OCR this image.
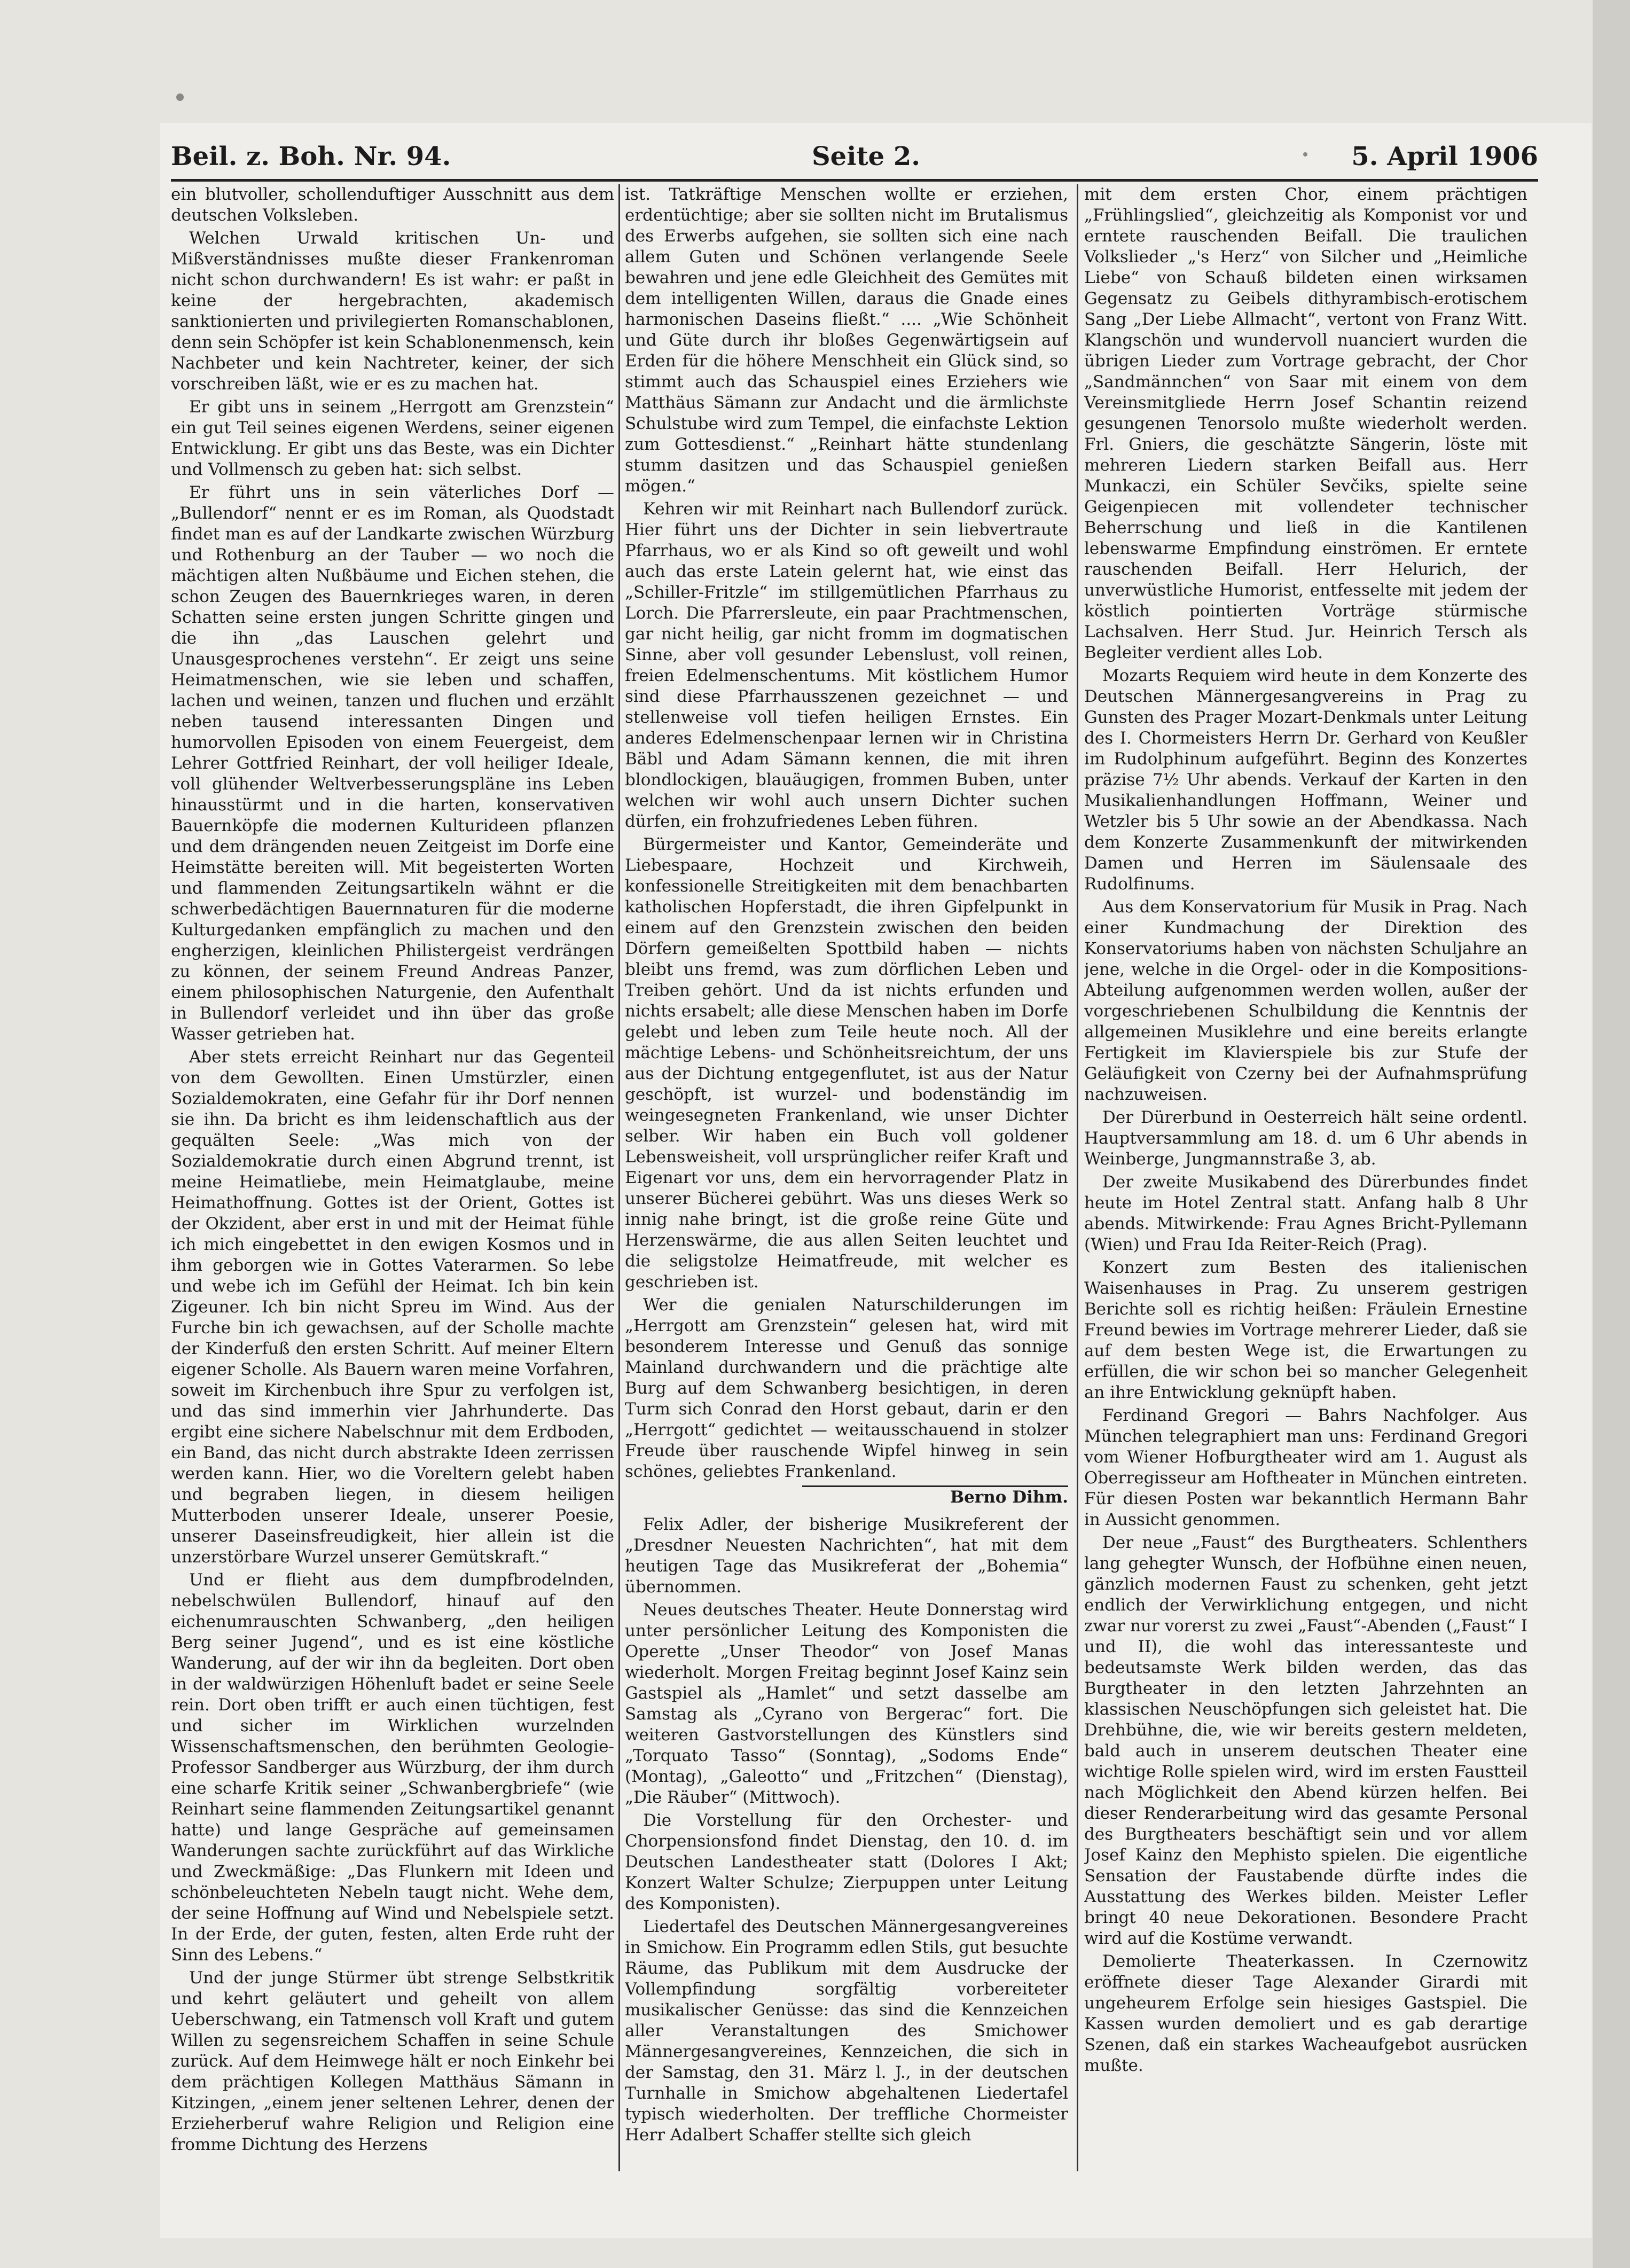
Beil. z. Boh. Nr. 94.	Seite 2.	5. April 1906

ein blutvoller, schollenduftiger Ausschnitt aus dem deutschen Volksleben.

Welchen Urwald kritischen Un- und Mißverständnisses mußte dieser Frankenroman nicht schon durchwandern! Es ist wahr: er paßt in keine der hergebrachten, akademisch sanktionierten und privilegierten Romanschablonen, denn sein Schöpfer ist kein Schablonenmensch, kein Nachbeter und kein Nachtreter, keiner, der sich vorschreiben läßt, wie er es zu machen hat.

Er gibt uns in seinem „Herrgott am Grenzstein“ ein gut Teil seines eigenen Werdens, seiner eigenen Entwicklung. Er gibt uns das Beste, was ein Dichter und Vollmensch zu geben hat: sich selbst.

Er führt uns in sein väterliches Dorf — „Bullendorf“ nennt er es im Roman, als Quodstadt findet man es auf der Landkarte zwischen Würzburg und Rothenburg an der Tauber — wo noch die mächtigen alten Nußbäume und Eichen stehen, die schon Zeugen des Bauernkrieges waren, in deren Schatten seine ersten jungen Schritte gingen und die ihn „das Lauschen gelehrt und Unausgesprochenes verstehn“. Er zeigt uns seine Heimatmenschen, wie sie leben und schaffen, lachen und weinen, tanzen und fluchen und erzählt neben tausend interessanten Dingen und humorvollen Episoden von einem Feuergeist, dem Lehrer Gottfried Reinhart, der voll heiliger Ideale, voll glühender Weltverbesserungspläne ins Leben hinausstürmt und in die harten, konservativen Bauernköpfe die modernen Kulturideen pflanzen und dem drängenden neuen Zeitgeist im Dorfe eine Heimstätte bereiten will. Mit begeisterten Worten und flammenden Zeitungsartikeln wähnt er die schwerbedächtigen Bauernnaturen für die moderne Kulturgedanken empfänglich zu machen und den engherzigen, kleinlichen Philistergeist verdrängen zu können, der seinem Freund Andreas Panzer, einem philosophischen Naturgenie, den Aufenthalt in Bullendorf verleidet und ihn über das große Wasser getrieben hat.

Aber stets erreicht Reinhart nur das Gegenteil von dem Gewollten. Einen Umstürzler, einen Sozialdemokraten, eine Gefahr für ihr Dorf nennen sie ihn. Da bricht es ihm leidenschaftlich aus der gequälten Seele: „Was mich von der Sozialdemokratie durch einen Abgrund trennt, ist meine Heimatliebe, mein Heimatglaube, meine Heimathoffnung. Gottes ist der Orient, Gottes ist der Okzident, aber erst in und mit der Heimat fühle ich mich eingebettet in den ewigen Kosmos und in ihm geborgen wie in Gottes Vaterarmen. So lebe und webe ich im Gefühl der Heimat. Ich bin kein Zigeuner. Ich bin nicht Spreu im Wind. Aus der Furche bin ich gewachsen, auf der Scholle machte der Kinderfuß den ersten Schritt. Auf meiner Eltern eigener Scholle. Als Bauern waren meine Vorfahren, soweit im Kirchenbuch ihre Spur zu verfolgen ist, und das sind immerhin vier Jahrhunderte. Das ergibt eine sichere Nabelschnur mit dem Erdboden, ein Band, das nicht durch abstrakte Ideen zerrissen werden kann. Hier, wo die Voreltern gelebt haben und begraben liegen, in diesem heiligen Mutterboden unserer Ideale, unserer Poesie, unserer Daseinsfreudigkeit, hier allein ist die unzerstörbare Wurzel unserer Gemütskraft.“

Und er flieht aus dem dumpfbrodelnden, nebelschwülen Bullendorf, hinauf auf den eichenumrauschten Schwanberg, „den heiligen Berg seiner Jugend“, und es ist eine köstliche Wanderung, auf der wir ihn da begleiten. Dort oben in der waldwürzigen Höhenluft badet er seine Seele rein. Dort oben trifft er auch einen tüchtigen, fest und sicher im Wirklichen wurzelnden Wissenschaftsmenschen, den berühmten Geologie-Professor Sandberger aus Würzburg, der ihm durch eine scharfe Kritik seiner „Schwanbergbriefe“ (wie Reinhart seine flammenden Zeitungsartikel genannt hatte) und lange Gespräche auf gemeinsamen Wanderungen sachte zurückführt auf das Wirkliche und Zweckmäßige: „Das Flunkern mit Ideen und schönbeleuchteten Nebeln taugt nicht. Wehe dem, der seine Hoffnung auf Wind und Nebelspiele setzt. In der Erde, der guten, festen, alten Erde ruht der Sinn des Lebens.“

Und der junge Stürmer übt strenge Selbstkritik und kehrt geläutert und geheilt von allem Ueberschwang, ein Tatmensch voll Kraft und gutem Willen zu segensreichem Schaffen in seine Schule zurück. Auf dem Heimwege hält er noch Einkehr bei dem prächtigen Kollegen Matthäus Sämann in Kitzingen, „einem jener seltenen Lehrer, denen der Erzieherberuf wahre Religion und Religion eine fromme Dichtung des Herzens

ist. Tatkräftige Menschen wollte er erziehen, erdentüchtige; aber sie sollten nicht im Brutalismus des Erwerbs aufgehen, sie sollten sich eine nach allem Guten und Schönen verlangende Seele bewahren und jene edle Gleichheit des Gemütes mit dem intelligenten Willen, daraus die Gnade eines harmonischen Daseins fließt.“ .... „Wie Schönheit und Güte durch ihr bloßes Gegenwärtigsein auf Erden für die höhere Menschheit ein Glück sind, so stimmt auch das Schauspiel eines Erziehers wie Matthäus Sämann zur Andacht und die ärmlichste Schulstube wird zum Tempel, die einfachste Lektion zum Gottesdienst.“ „Reinhart hätte stundenlang stumm dasitzen und das Schauspiel genießen mögen.“

Kehren wir mit Reinhart nach Bullendorf zurück. Hier führt uns der Dichter in sein liebvertraute Pfarrhaus, wo er als Kind so oft geweilt und wohl auch das erste Latein gelernt hat, wie einst das „Schiller-Fritzle“ im stillgemütlichen Pfarrhaus zu Lorch. Die Pfarrersleute, ein paar Prachtmenschen, gar nicht heilig, gar nicht fromm im dogmatischen Sinne, aber voll gesunder Lebenslust, voll reinen, freien Edelmenschentums. Mit köstlichem Humor sind diese Pfarrhausszenen gezeichnet — und stellenweise voll tiefen heiligen Ernstes. Ein anderes Edelmenschenpaar lernen wir in Christina Bäbl und Adam Sämann kennen, die mit ihren blondlockigen, blauäugigen, frommen Buben, unter welchen wir wohl auch unsern Dichter suchen dürfen, ein frohzufriedenes Leben führen.

Bürgermeister und Kantor, Gemeinderäte und Liebespaare, Hochzeit und Kirchweih, konfessionelle Streitigkeiten mit dem benachbarten katholischen Hopferstadt, die ihren Gipfelpunkt in einem auf den Grenzstein zwischen den beiden Dörfern gemeißelten Spottbild haben — nichts bleibt uns fremd, was zum dörflichen Leben und Treiben gehört. Und da ist nichts erfunden und nichts ersabelt; alle diese Menschen haben im Dorfe gelebt und leben zum Teile heute noch. All der mächtige Lebens- und Schönheitsreichtum, der uns aus der Dichtung entgegenflutet, ist aus der Natur geschöpft, ist wurzel- und bodenständig im weingesegneten Frankenland, wie unser Dichter selber. Wir haben ein Buch voll goldener Lebensweisheit, voll ursprünglicher reifer Kraft und Eigenart vor uns, dem ein hervorragender Platz in unserer Bücherei gebührt. Was uns dieses Werk so innig nahe bringt, ist die große reine Güte und Herzenswärme, die aus allen Seiten leuchtet und die seligstolze Heimatfreude, mit welcher es geschrieben ist.

Wer die genialen Naturschilderungen im „Herrgott am Grenzstein“ gelesen hat, wird mit besonderem Interesse und Genuß das sonnige Mainland durchwandern und die prächtige alte Burg auf dem Schwanberg besichtigen, in deren Turm sich Conrad den Horst gebaut, darin er den „Herrgott“ gedichtet — weitausschauend in stolzer Freude über rauschende Wipfel hinweg in sein schönes, geliebtes Frankenland.

Berno Dihm.

Felix Adler, der bisherige Musikreferent der „Dresdner Neuesten Nachrichten“, hat mit dem heutigen Tage das Musikreferat der „Bohemia“ übernommen.

Neues deutsches Theater. Heute Donnerstag wird unter persönlicher Leitung des Komponisten die Operette „Unser Theodor“ von Josef Manas wiederholt. Morgen Freitag beginnt Josef Kainz sein Gastspiel als „Hamlet“ und setzt dasselbe am Samstag als „Cyrano von Bergerac“ fort. Die weiteren Gastvorstellungen des Künstlers sind „Torquato Tasso“ (Sonntag), „Sodoms Ende“ (Montag), „Galeotto“ und „Fritzchen“ (Dienstag), „Die Räuber“ (Mittwoch).

Die Vorstellung für den Orchester- und Chorpensionsfond findet Dienstag, den 10. d. im Deutschen Landestheater statt (Dolores I Akt; Konzert Walter Schulze; Zierpuppen unter Leitung des Komponisten).

Liedertafel des Deutschen Männergesangvereines in Smichow. Ein Programm edlen Stils, gut besuchte Räume, das Publikum mit dem Ausdrucke der Vollempfindung sorgfältig vorbereiteter musikalischer Genüsse: das sind die Kennzeichen aller Veranstaltungen des Smichower Männergesangvereines, Kennzeichen, die sich in der Samstag, den 31. März l. J., in der deutschen Turnhalle in Smichow abgehaltenen Liedertafel typisch wiederholten. Der treffliche Chormeister Herr Adalbert Schaffer stellte sich gleich

mit dem ersten Chor, einem prächtigen „Frühlingslied“, gleichzeitig als Komponist vor und erntete rauschenden Beifall. Die traulichen Volkslieder „'s Herz“ von Silcher und „Heimliche Liebe“ von Schauß bildeten einen wirksamen Gegensatz zu Geibels dithyrambisch-erotischem Sang „Der Liebe Allmacht“, vertont von Franz Witt. Klangschön und wundervoll nuanciert wurden die übrigen Lieder zum Vortrage gebracht, der Chor „Sandmännchen“ von Saar mit einem von dem Vereinsmitgliede Herrn Josef Schantin reizend gesungenen Tenorsolo mußte wiederholt werden. Frl. Gniers, die geschätzte Sängerin, löste mit mehreren Liedern starken Beifall aus. Herr Munkaczi, ein Schüler Sevčiks, spielte seine Geigenpiecen mit vollendeter technischer Beherrschung und ließ in die Kantilenen lebenswarme Empfindung einströmen. Er erntete rauschenden Beifall. Herr Helurich, der unverwüstliche Humorist, entfesselte mit jedem der köstlich pointierten Vorträge stürmische Lachsalven. Herr Stud. Jur. Heinrich Tersch als Begleiter verdient alles Lob.

Mozarts Requiem wird heute in dem Konzerte des Deutschen Männergesangvereins in Prag zu Gunsten des Prager Mozart-Denkmals unter Leitung des I. Chormeisters Herrn Dr. Gerhard von Keußler im Rudolphinum aufgeführt. Beginn des Konzertes präzise 7½ Uhr abends. Verkauf der Karten in den Musikalienhandlungen Hoffmann, Weiner und Wetzler bis 5 Uhr sowie an der Abendkassa. Nach dem Konzerte Zusammenkunft der mitwirkenden Damen und Herren im Säulensaale des Rudolfinums.

Aus dem Konservatorium für Musik in Prag. Nach einer Kundmachung der Direktion des Konservatoriums haben von nächsten Schuljahre an jene, welche in die Orgel- oder in die Kompositions-Abteilung aufgenommen werden wollen, außer der vorgeschriebenen Schulbildung die Kenntnis der allgemeinen Musiklehre und eine bereits erlangte Fertigkeit im Klavierspiele bis zur Stufe der Geläufigkeit von Czerny bei der Aufnahmsprüfung nachzuweisen.

Der Dürerbund in Oesterreich hält seine ordentl. Hauptversammlung am 18. d. um 6 Uhr abends in Weinberge, Jungmannstraße 3, ab.

Der zweite Musikabend des Dürerbundes findet heute im Hotel Zentral statt. Anfang halb 8 Uhr abends. Mitwirkende: Frau Agnes Bricht-Pyllemann (Wien) und Frau Ida Reiter-Reich (Prag).

Konzert zum Besten des italienischen Waisenhauses in Prag. Zu unserem gestrigen Berichte soll es richtig heißen: Fräulein Ernestine Freund bewies im Vortrage mehrerer Lieder, daß sie auf dem besten Wege ist, die Erwartungen zu erfüllen, die wir schon bei so mancher Gelegenheit an ihre Entwicklung geknüpft haben.

Ferdinand Gregori — Bahrs Nachfolger. Aus München telegraphiert man uns: Ferdinand Gregori vom Wiener Hofburgtheater wird am 1. August als Oberregisseur am Hoftheater in München eintreten. Für diesen Posten war bekanntlich Hermann Bahr in Aussicht genommen.

Der neue „Faust“ des Burgtheaters. Schlenthers lang gehegter Wunsch, der Hofbühne einen neuen, gänzlich modernen Faust zu schenken, geht jetzt endlich der Verwirklichung entgegen, und nicht zwar nur vorerst zu zwei „Faust“-Abenden („Faust“ I und II), die wohl das interessanteste und bedeutsamste Werk bilden werden, das das Burgtheater in den letzten Jahrzehnten an klassischen Neuschöpfungen sich geleistet hat. Die Drehbühne, die, wie wir bereits gestern meldeten, bald auch in unserem deutschen Theater eine wichtige Rolle spielen wird, wird im ersten Faustteil nach Möglichkeit den Abend kürzen helfen. Bei dieser Renderarbeitung wird das gesamte Personal des Burgtheaters beschäftigt sein und vor allem Josef Kainz den Mephisto spielen. Die eigentliche Sensation der Faustabende dürfte indes die Ausstattung des Werkes bilden. Meister Lefler bringt 40 neue Dekorationen. Besondere Pracht wird auf die Kostüme verwandt.

Demolierte Theaterkassen. In Czernowitz eröffnete dieser Tage Alexander Girardi mit ungeheurem Erfolge sein hiesiges Gastspiel. Die Kassen wurden demoliert und es gab derartige Szenen, daß ein starkes Wacheaufgebot ausrücken mußte.
